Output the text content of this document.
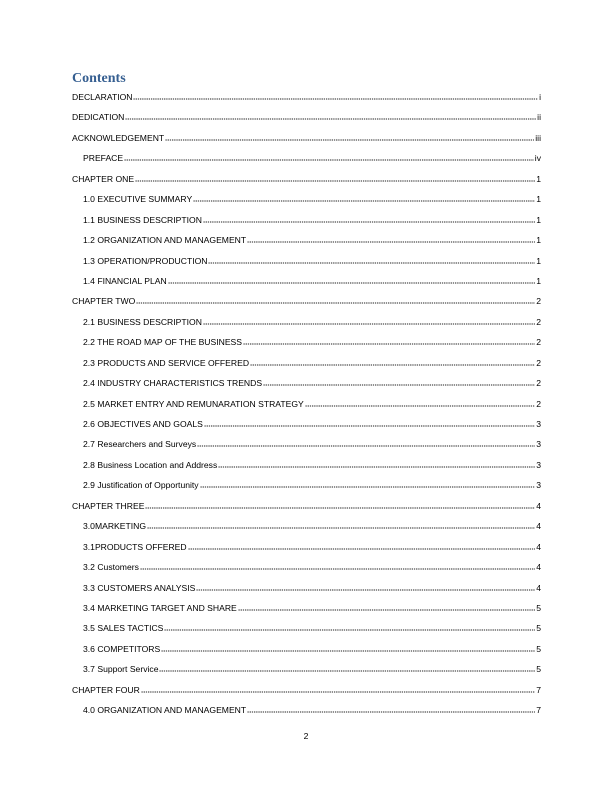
Contents
DECLARATION	i
DEDICATION	ii
ACKNOWLEDGEMENT	iii
PREFACE	iv
CHAPTER ONE	1
1.0 EXECUTIVE SUMMARY	1
1.1 BUSINESS DESCRIPTION	1
1.2 ORGANIZATION AND MANAGEMENT	1
1.3 OPERATION/PRODUCTION	1
1.4 FINANCIAL PLAN	1
CHAPTER TWO	2
2.1 BUSINESS DESCRIPTION	2
2.2 THE ROAD MAP OF THE BUSINESS	2
2.3 PRODUCTS AND SERVICE OFFERED	2
2.4 INDUSTRY CHARACTERISTICS TRENDS	2
2.5 MARKET ENTRY AND REMUNARATION STRATEGY	2
2.6 OBJECTIVES AND GOALS	3
2.7 Researchers and Surveys	3
2.8 Business Location and Address	3
2.9 Justification of Opportunity	3
CHAPTER THREE	4
3.0MARKETING	4
3.1PRODUCTS OFFERED	4
3.2 Customers	4
3.3 CUSTOMERS ANALYSIS	4
3.4 MARKETING TARGET AND SHARE	5
3.5 SALES TACTICS	5
3.6 COMPETITORS	5
3.7 Support Service	5
CHAPTER FOUR	7
4.0 ORGANIZATION AND MANAGEMENT	7
2
